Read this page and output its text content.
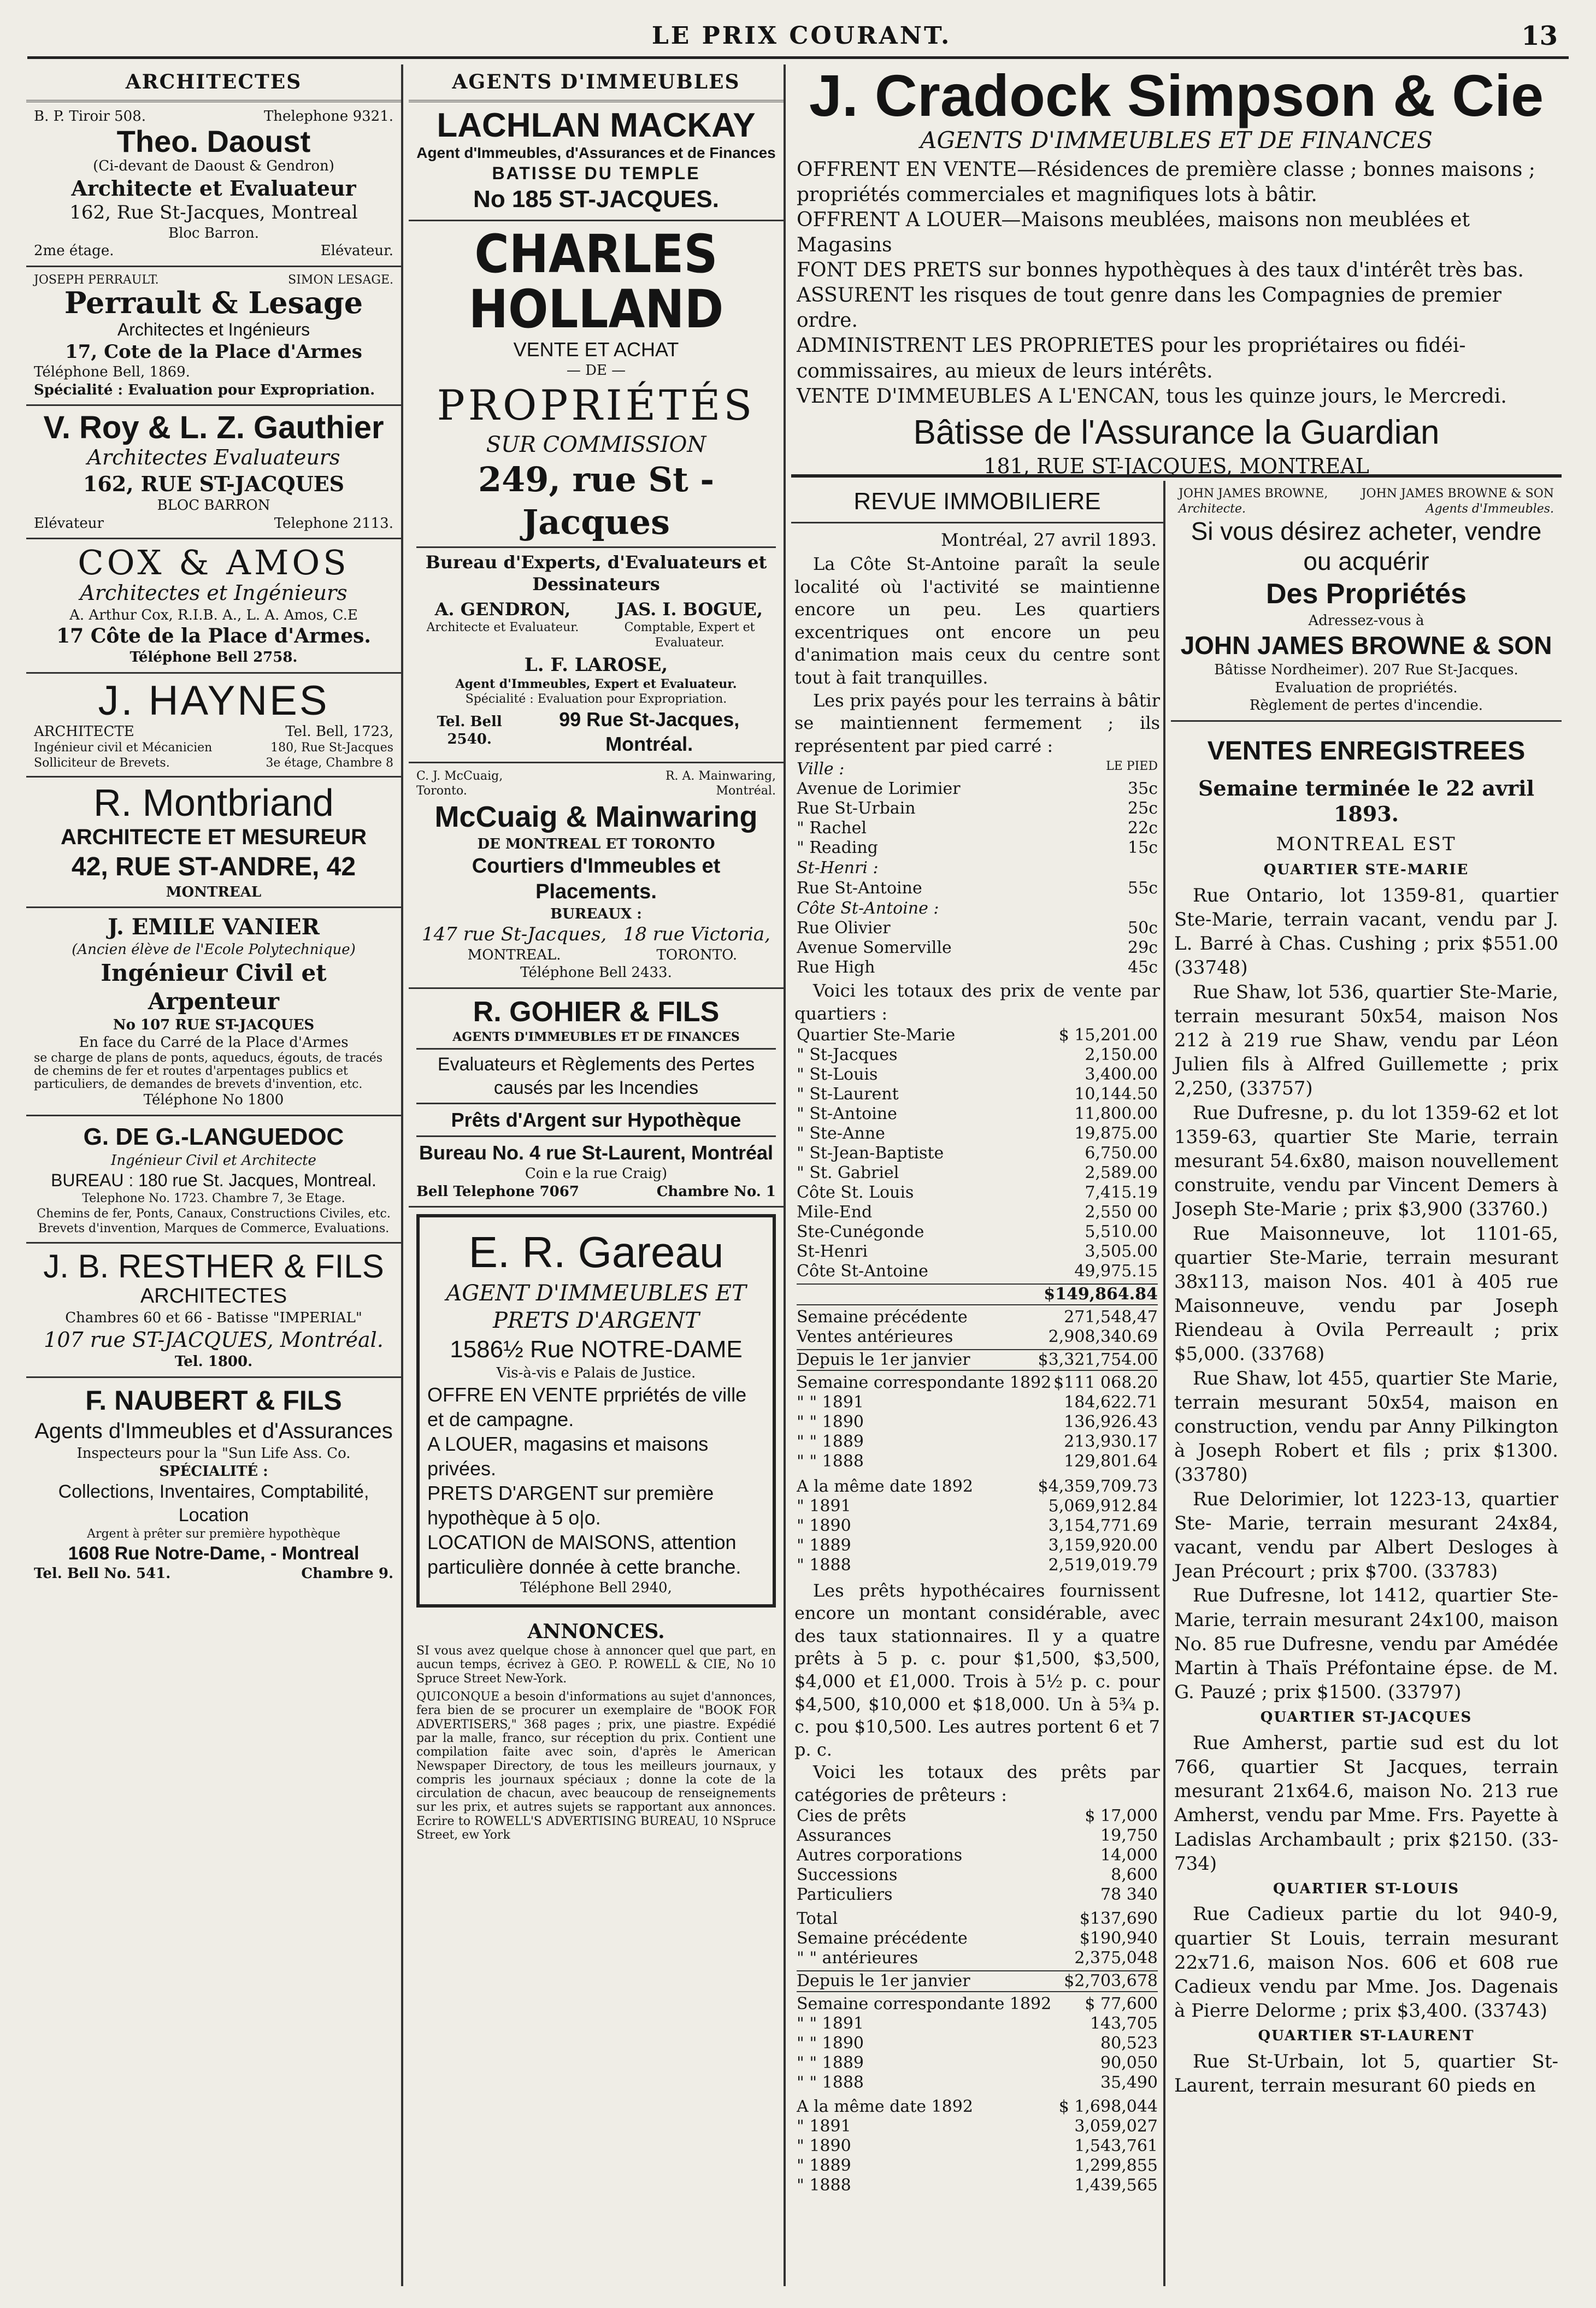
LE PRIX COURANT.	13
ARCHITECTES
B. P. Tiroir 508.	Thelephone 9321.
Theo. Daoust
(Ci-devant de Daoust & Gendron)
Architecte et Evaluateur
162, Rue St-Jacques, Montreal
Bloc Barron.
2me étage.	Elévateur.
JOSEPH PERRAULT.	SIMON LESAGE.
Perrault & Lesage
Architectes et Ingénieurs
17, Cote de la Place d'Armes
Téléphone Bell, 1869.
Spécialité : Evaluation pour Expropriation.
V. Roy & L. Z. Gauthier
Architectes Evaluateurs
162, RUE ST-JACQUES
BLOC BARRON
Elévateur	Telephone 2113.
COX & AMOS
Architectes et Ingénieurs
A. Arthur Cox, R.I.B. A., L. A. Amos, C.E
17 Côte de la Place d'Armes.
Téléphone Bell 2758.
J. HAYNES
ARCHITECTE	Tel. Bell, 1723,
Ingénieur civil et Mécanicien	180, Rue St-Jacques
Solliciteur de Brevets.	3e étage, Chambre 8
R. Montbriand
ARCHITECTE ET MESUREUR
42, RUE ST-ANDRE, 42
MONTREAL
J. EMILE VANIER
(Ancien élève de l'Ecole Polytechnique)
Ingénieur Civil et Arpenteur
No 107 RUE ST-JACQUES
En face du Carré de la Place d'Armes
se charge de plans de ponts, aqueducs, égouts, de tracés de chemins de fer et routes d'arpentages publics et particuliers, de demandes de brevets d'invention, etc.
Téléphone No 1800
G. DE G.-LANGUEDOC
Ingénieur Civil et Architecte
BUREAU : 180 rue St. Jacques, Montreal.
Telephone No. 1723. Chambre 7, 3e Etage.
Chemins de fer, Ponts, Canaux, Constructions Civiles, etc. Brevets d'invention, Marques de Commerce, Evaluations.
J. B. RESTHER & FILS
ARCHITECTES
Chambres 60 et 66 - Batisse "IMPERIAL"
107 rue ST-JACQUES, Montréal.
Tel. 1800.
F. NAUBERT & FILS
Agents d'Immeubles et d'Assurances
Inspecteurs pour la "Sun Life Ass. Co.
SPÉCIALITÉ :
Collections, Inventaires, Comptabilité, Location
Argent à prêter sur première hypothèque
1608 Rue Notre-Dame, - Montreal
Tel. Bell No. 541.	Chambre 9.
AGENTS D'IMMEUBLES
LACHLAN MACKAY
Agent d'Immeubles, d'Assurances et de Finances
BATISSE DU TEMPLE
No 185 ST-JACQUES.
CHARLES HOLLAND
VENTE ET ACHAT
— DE —
PROPRIÉTÉS
SUR COMMISSION
249, rue St - Jacques
Bureau d'Experts, d'Evaluateurs et Dessinateurs
A. GENDRON,
Architecte et Evaluateur.
JAS. I. BOGUE,
Comptable, Expert et Evaluateur.
L. F. LAROSE,
Agent d'Immeubles, Expert et Evaluateur.
Spécialité : Evaluation pour Expropriation.
Tel. Bell 2540.
99 Rue St-Jacques, Montréal.
C. J. McCuaig,	R. A. Mainwaring,
Toronto.	Montréal.
McCuaig & Mainwaring
DE MONTREAL ET TORONTO
Courtiers d'Immeubles et Placements.
BUREAUX :
147 rue St-Jacques,
MONTREAL.
18 rue Victoria,
TORONTO.
Téléphone Bell 2433.
R. GOHIER & FILS
AGENTS D'IMMEUBLES ET DE FINANCES
Evaluateurs et Règlements des Pertes causés par les Incendies
Prêts d'Argent sur Hypothèque
Bureau No. 4 rue St-Laurent, Montréal
Coin e la rue Craig)
Bell Telephone 7067	Chambre No. 1
E. R. Gareau
AGENT D'IMMEUBLES ET PRETS D'ARGENT
1586½ Rue NOTRE-DAME
Vis-à-vis e Palais de Justice.
OFFRE EN VENTE prpriétés de ville et de campagne.
A LOUER, magasins et maisons privées.
PRETS D'ARGENT sur première hypothèque à 5 o|o.
LOCATION de MAISONS, attention particulière donnée à cette branche.
Téléphone Bell 2940,
ANNONCES.
SI vous avez quelque chose à annoncer quel que part, en aucun temps, écrivez à GEO. P. ROWELL & CIE, No 10 Spruce Street New-York.
QUICONQUE a besoin d'informations au sujet d'annonces, fera bien de se procurer un exemplaire de "BOOK FOR ADVERTISERS," 368 pages ; prix, une piastre. Expédié par la malle, franco, sur réception du prix. Contient une compilation faite avec soin, d'après le American Newspaper Directory, de tous les meilleurs journaux, y compris les journaux spéciaux ; donne la cote de la circulation de chacun, avec beaucoup de renseignements sur les prix, et autres sujets se rapportant aux annonces. Ecrire to ROWELL'S ADVERTISING BUREAU, 10 NSpruce Street, ew York
J. Cradock Simpson & Cie
AGENTS D'IMMEUBLES ET DE FINANCES
OFFRENT EN VENTE—Résidences de première classe ; bonnes maisons ; propriétés commerciales et magnifiques lots à bâtir.
OFFRENT A LOUER—Maisons meublées, maisons non meublées et Magasins
FONT DES PRETS sur bonnes hypothèques à des taux d'intérêt très bas.
ASSURENT les risques de tout genre dans les Compagnies de premier ordre.
ADMINISTRENT LES PROPRIETES pour les propriétaires ou fidéi-commissaires, au mieux de leurs intérêts.
VENTE D'IMMEUBLES A L'ENCAN, tous les quinze jours, le Mercredi.
Bâtisse de l'Assurance la Guardian
181, RUE ST-JACQUES, MONTREAL
REVUE IMMOBILIERE
Montréal, 27 avril 1893.
La Côte St-Antoine paraît la seule localité où l'activité se maintienne encore un peu. Les quartiers excentriques ont encore un peu d'animation mais ceux du centre sont tout à fait tranquilles.
Les prix payés pour les terrains à bâtir se maintiennent fermement ; ils représentent par pied carré :
Ville :	LE PIED
Avenue de Lorimier	35c
Rue St-Urbain	25c
" Rachel	22c
" Reading	15c
St-Henri :
Rue St-Antoine	55c
Côte St-Antoine :
Rue Olivier	50c
Avenue Somerville	29c
Rue High	45c
Voici les totaux des prix de vente par quartiers :
Quartier Ste-Marie	$ 15,201.00
" St-Jacques	2,150.00
" St-Louis	3,400.00
" St-Laurent	10,144.50
" St-Antoine	11,800.00
" Ste-Anne	19,875.00
" St-Jean-Baptiste	6,750.00
" St. Gabriel	2,589.00
Côte St. Louis	7,415.19
Mile-End	2,550 00
Ste-Cunégonde	5,510.00
St-Henri	3,505.00
Côte St-Antoine	49,975.15
$149,864.84
Semaine précédente	271,548,47
Ventes antérieures	2,908,340.69
Depuis le 1er janvier	$3,321,754.00
Semaine correspondante 1892 $111 068.20
" " 1891	184,622.71
" " 1890	136,926.43
" " 1889	213,930.17
" " 1888	129,801.64
A la même date 1892	$4,359,709.73
" 1891	5,069,912.84
" 1890	3,154,771.69
" 1889	3,159,920.00
" 1888	2,519,019.79
Les prêts hypothécaires fournissent encore un montant considérable, avec des taux stationnaires. Il y a quatre prêts à 5 p. c. pour $1,500, $3,500, $4,000 et £1,000. Trois à 5½ p. c. pour $4,500, $10,000 et $18,000. Un à 5¾ p. c. pou $10,500. Les autres portent 6 et 7 p. c.
Voici les totaux des prêts par catégories de prêteurs :
Cies de prêts	$ 17,000
Assurances	19,750
Autres corporations	14,000
Successions	8,600
Particuliers	78 340
Total	$137,690
Semaine précédente	$190,940
" " antérieures	2,375,048
Depuis le 1er janvier	$2,703,678
Semaine correspondante 1892	$ 77,600
" " 1891	143,705
" " 1890	80,523
" " 1889	90,050
" " 1888	35,490
A la même date 1892	$ 1,698,044
" 1891	3,059,027
" 1890	1,543,761
" 1889	1,299,855
" 1888	1,439,565
JOHN JAMES BROWNE,	JOHN JAMES BROWNE & SON
Architecte.	Agents d'Immeubles.
Si vous désirez acheter, vendre ou acquérir
Des Propriétés
Adressez-vous à
JOHN JAMES BROWNE & SON
Bâtisse Nordheimer). 207 Rue St-Jacques.
Evaluation de propriétés.
Règlement de pertes d'incendie.
VENTES ENREGISTREES
Semaine terminée le 22 avril 1893.
MONTREAL EST
QUARTIER STE-MARIE
Rue Ontario, lot 1359-81, quartier Ste-Marie, terrain vacant, vendu par J. L. Barré à Chas. Cushing ; prix $551.00 (33748)
Rue Shaw, lot 536, quartier Ste-Marie, terrain mesurant 50x54, maison Nos 212 à 219 rue Shaw, vendu par Léon Julien fils à Alfred Guillemette ; prix 2,250, (33757)
Rue Dufresne, p. du lot 1359-62 et lot 1359-63, quartier Ste Marie, terrain mesurant 54.6x80, maison nouvellement construite, vendu par Vincent Demers à Joseph Ste-Marie ; prix $3,900 (33760.)
Rue Maisonneuve, lot 1101-65, quartier Ste-Marie, terrain mesurant 38x113, maison Nos. 401 à 405 rue Maisonneuve, vendu par Joseph Riendeau à Ovila Perreault ; prix $5,000. (33768)
Rue Shaw, lot 455, quartier Ste Marie, terrain mesurant 50x54, maison en construction, vendu par Anny Pilkington à Joseph Robert et fils ; prix $1300. (33780)
Rue Delorimier, lot 1223-13, quartier Ste- Marie, terrain mesurant 24x84, vacant, vendu par Albert Desloges à Jean Précourt ; prix $700. (33783)
Rue Dufresne, lot 1412, quartier Ste-Marie, terrain mesurant 24x100, maison No. 85 rue Dufresne, vendu par Amédée Martin à Thaïs Préfontaine épse. de M. G. Pauzé ; prix $1500. (33797)
QUARTIER ST-JACQUES
Rue Amherst, partie sud est du lot 766, quartier St Jacques, terrain mesurant 21x64.6, maison No. 213 rue Amherst, vendu par Mme. Frs. Payette à Ladislas Archambault ; prix $2150. (33-734)
QUARTIER ST-LOUIS
Rue Cadieux partie du lot 940-9, quartier St Louis, terrain mesurant 22x71.6, maison Nos. 606 et 608 rue Cadieux vendu par Mme. Jos. Dagenais à Pierre Delorme ; prix $3,400. (33743)
QUARTIER ST-LAURENT
Rue St-Urbain, lot 5, quartier St-Laurent, terrain mesurant 60 pieds en
